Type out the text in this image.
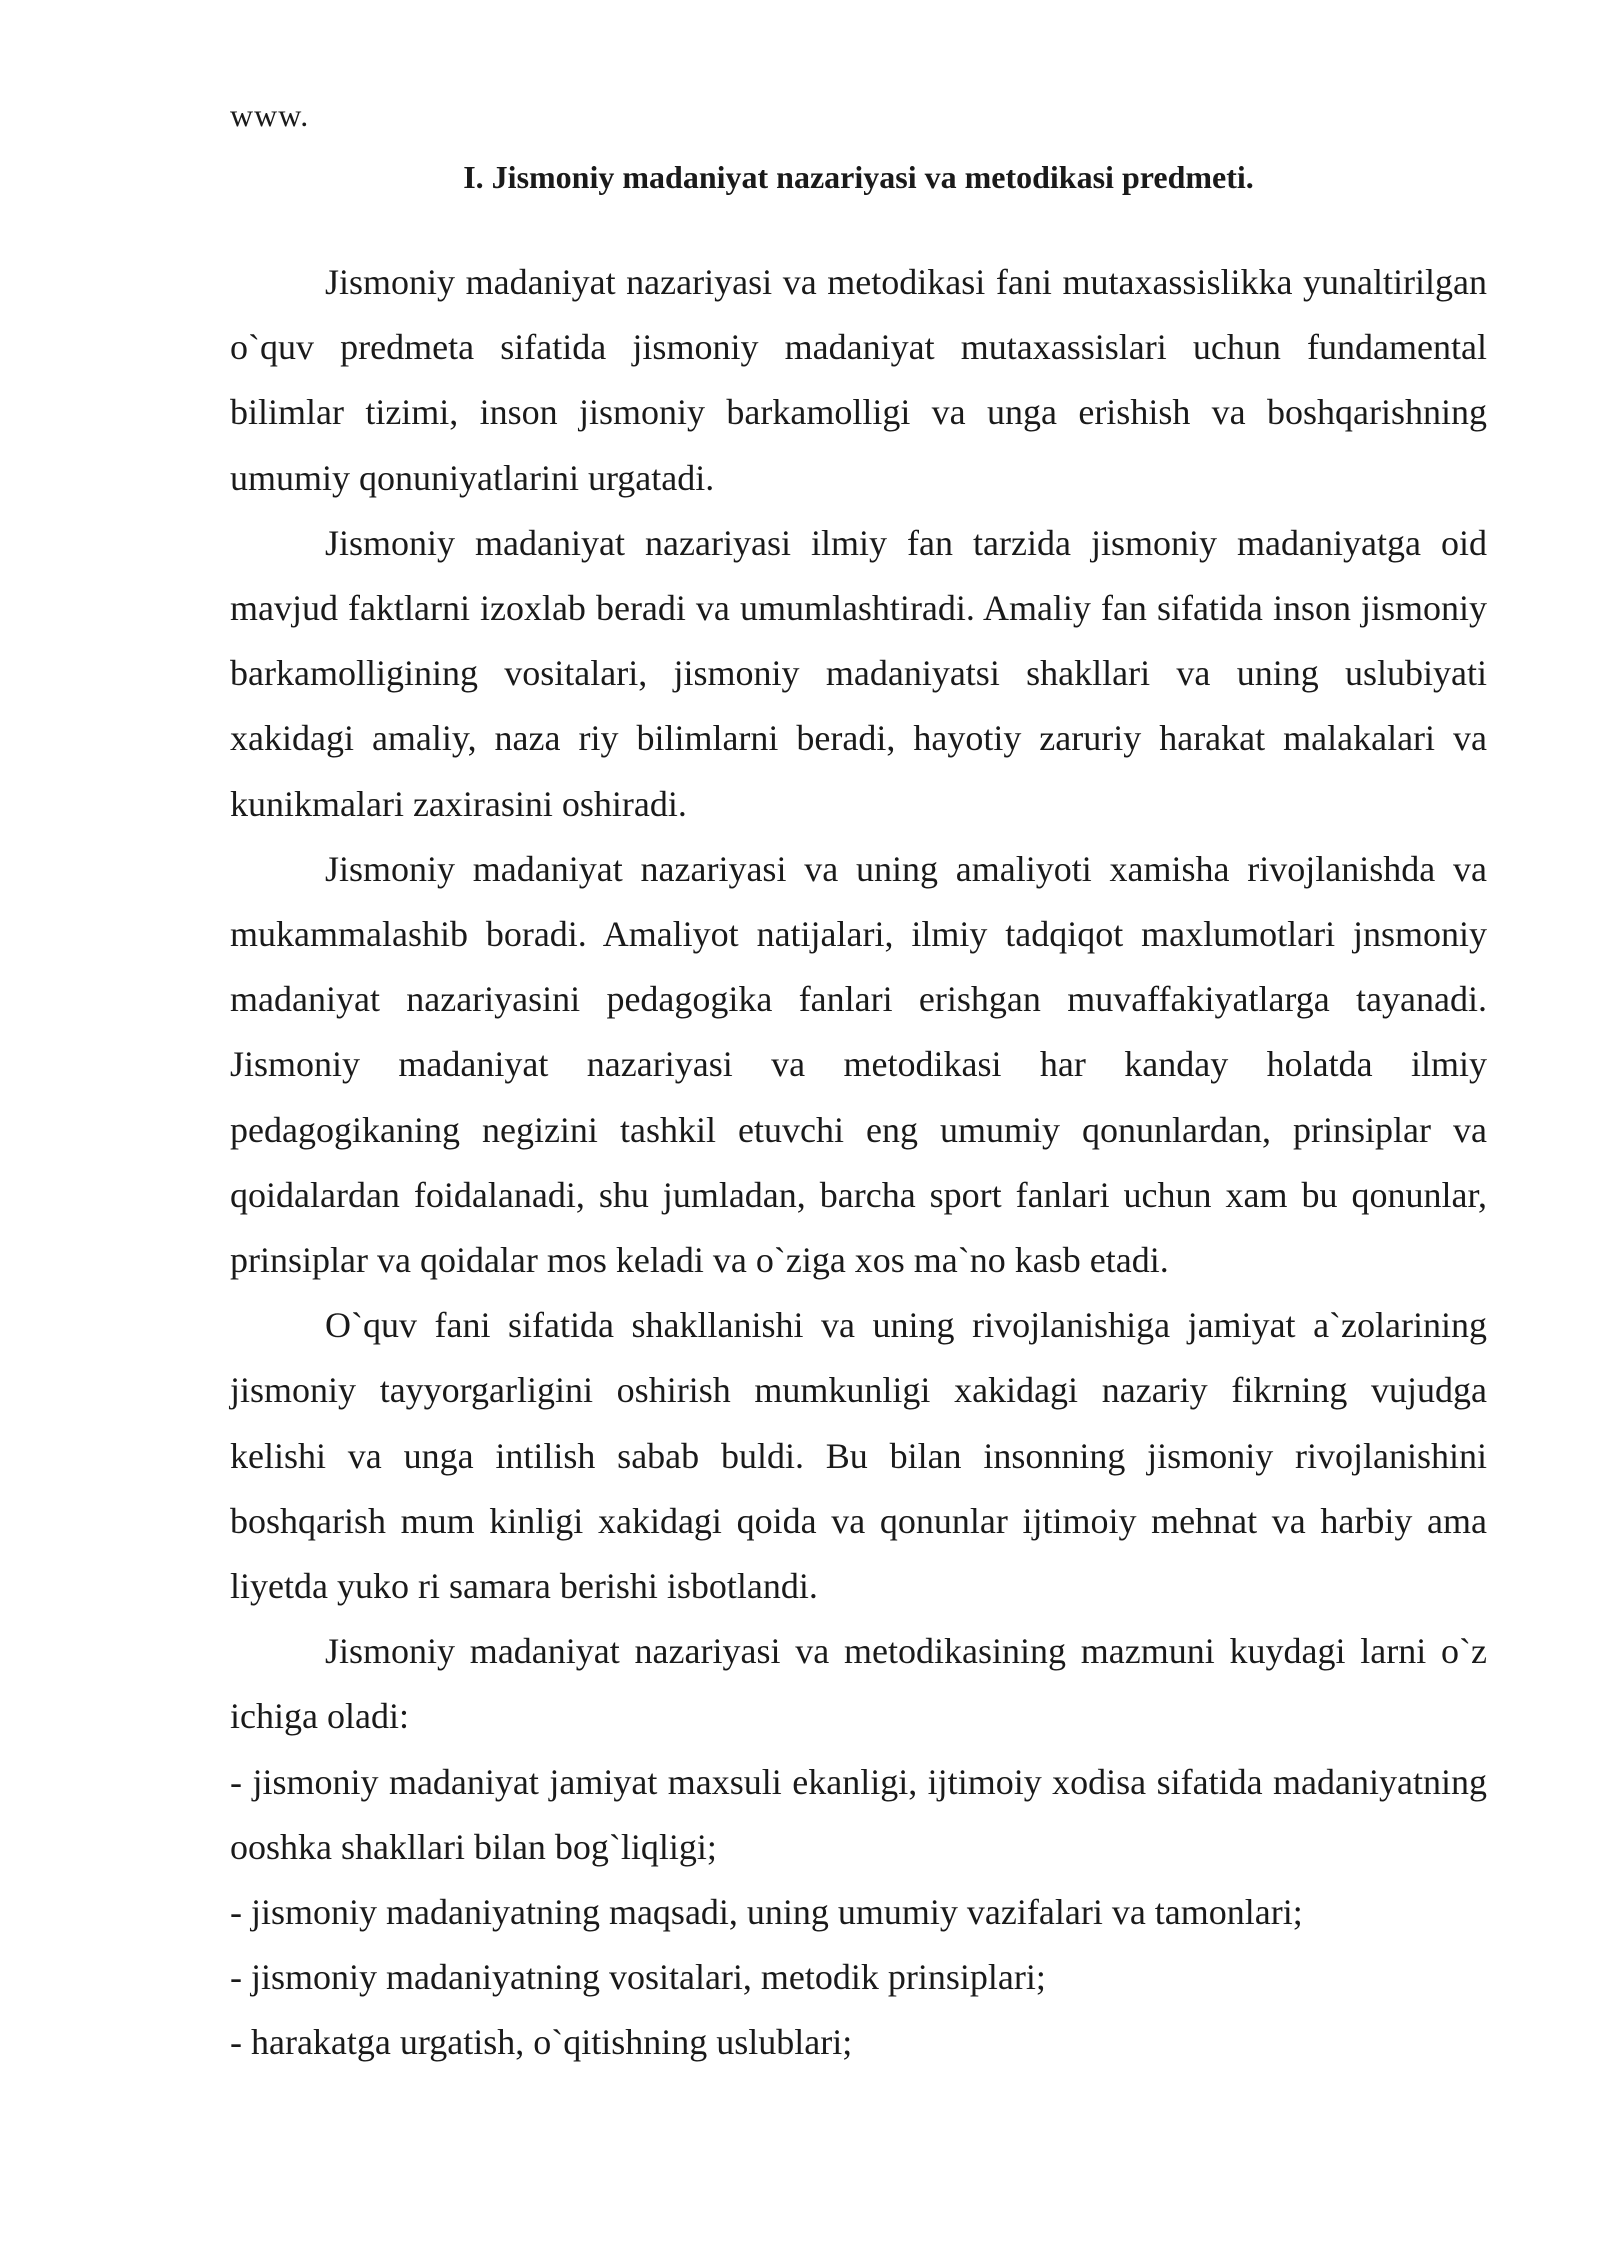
www.

I. Jismoniy madaniyat nazariyasi va metodikasi predmeti.

Jismoniy madaniyat nazariyasi va metodikasi fani mutaxassislikka yunaltirilgan o`quv predmeta sifatida jismoniy madaniyat mutaxassislari uchun fundamental bilimlar tizimi, inson jismoniy barkamolligi va unga erishish va boshqarishning umumiy qonuniyatlarini urgatadi.

Jismoniy madaniyat nazariyasi ilmiy fan tarzida jismoniy madaniyatga oid mavjud faktlarni izoxlab beradi va umumlashtiradi. Amaliy fan sifatida inson jismoniy barkamolligining vositalari, jismoniy madaniyatsi shakllari va uning uslubiyati xakidagi amaliy, naza riy bilimlarni beradi, hayotiy zaruriy harakat malakalari va kunikmalari zaxirasini oshiradi.

Jismoniy madaniyat nazariyasi va uning amaliyoti xamisha rivojlanishda va mukammalashib boradi. Amaliyot natijalari, ilmiy tadqiqot maxlumotlari jnsmoniy madaniyat nazariyasini pedagogika fanlari erishgan muvaffakiyatlarga tayanadi. Jismoniy madaniyat nazariyasi va metodikasi har kanday holatda ilmiy pedagogikaning negizini tashkil etuvchi eng umumiy qonunlardan, prinsiplar va qoidalardan foidalanadi, shu jumladan, barcha sport fanlari uchun xam bu qonunlar, prinsiplar va qoidalar mos keladi va o`ziga xos ma`no kasb etadi.

O`quv fani sifatida shakllanishi va uning rivojlanishiga jamiyat a`zolarining jismoniy tayyorgarligini oshirish mumkunligi xakidagi nazariy fikrning vujudga kelishi va unga intilish sabab buldi. Bu bilan insonning jismoniy rivojlanishini boshqarish mum kinligi xakidagi qoida va qonunlar ijtimoiy mehnat va harbiy ama liyetda yuko ri samara berishi isbotlandi.

Jismoniy madaniyat nazariyasi va metodikasining mazmuni kuydagi larni o`z ichiga oladi:

- jismoniy madaniyat jamiyat maxsuli ekanligi, ijtimoiy xodisa sifatida madaniyatning ooshka shakllari bilan bog`liqligi;

- jismoniy madaniyatning maqsadi, uning umumiy vazifalari va tamonlari;

- jismoniy madaniyatning vositalari, metodik prinsiplari;

- harakatga urgatish, o`qitishning uslublari;
